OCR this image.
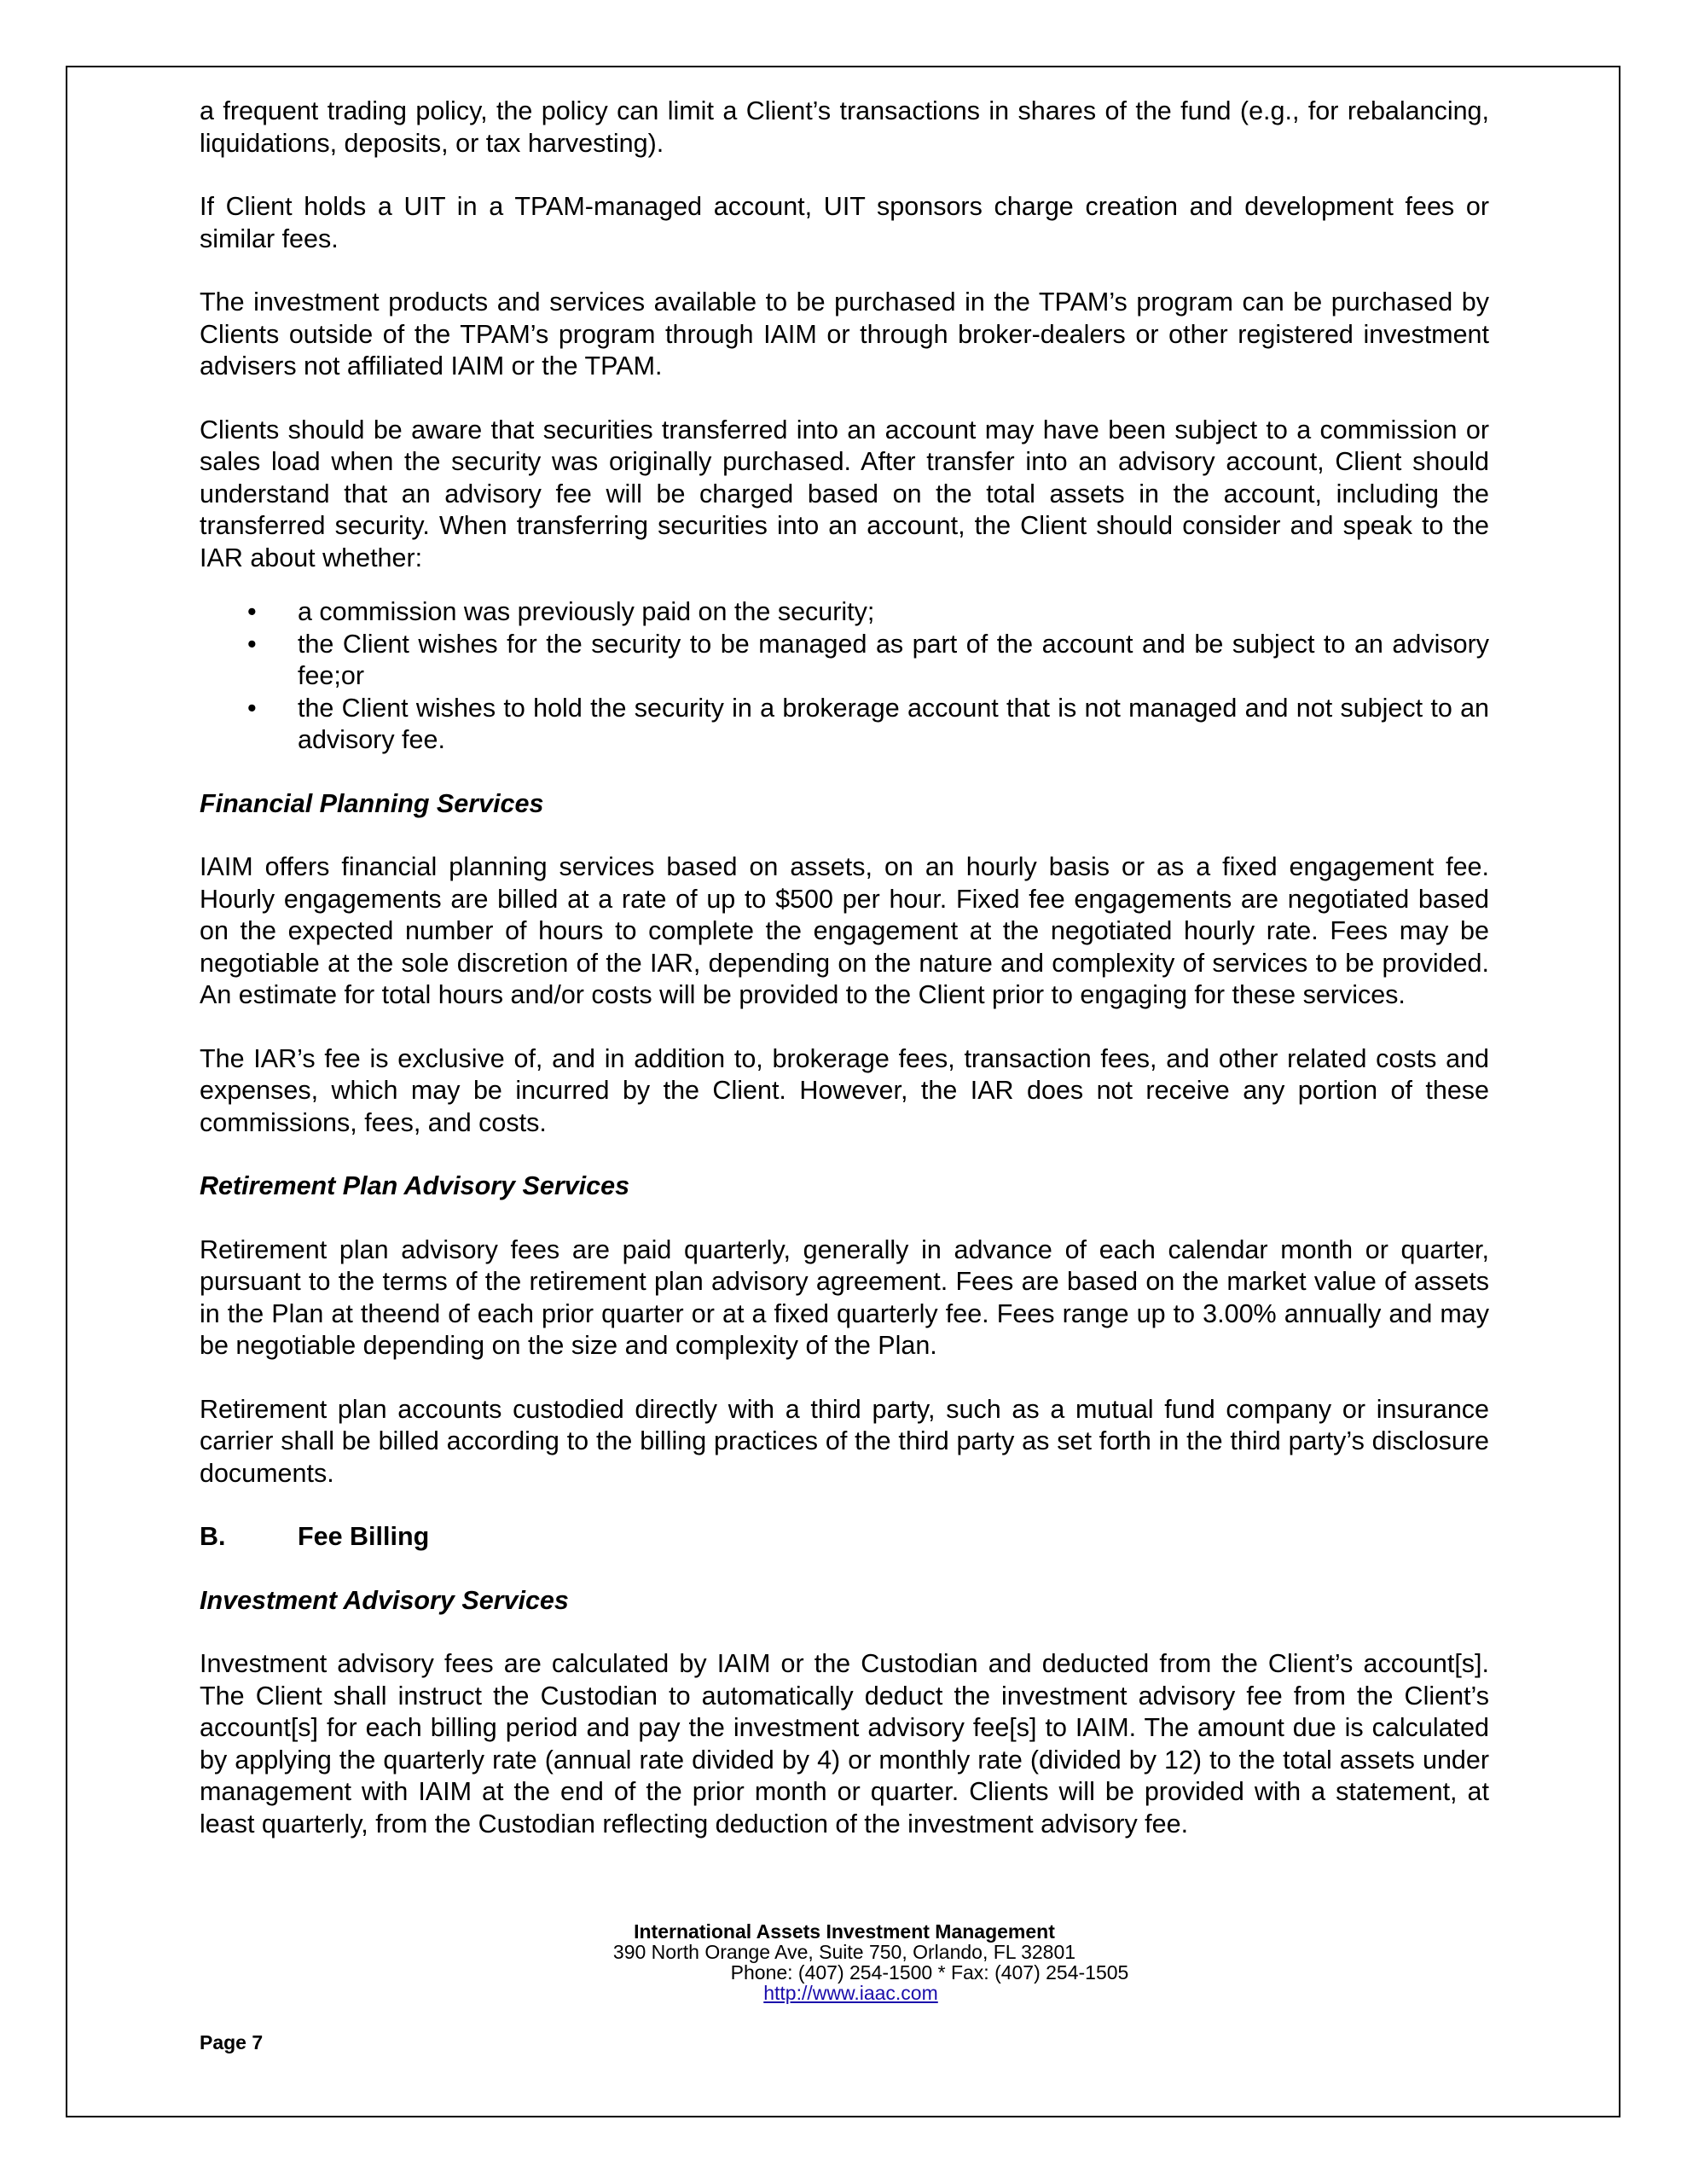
a frequent trading policy, the policy can limit a Client’s transactions in shares of the fund (e.g., for rebalancing, liquidations, deposits, or tax harvesting).

If Client holds a UIT in a TPAM-managed account, UIT sponsors charge creation and development fees or similar fees.

The investment products and services available to be purchased in the TPAM’s program can be purchased by Clients outside of the TPAM’s program through IAIM or through broker-dealers or other registered investment advisers not affiliated IAIM or the TPAM.

Clients should be aware that securities transferred into an account may have been subject to a commission or sales load when the security was originally purchased. After transfer into an advisory account, Client should understand that an advisory fee will be charged based on the total assets in the account, including the transferred security. When transferring securities into an account, the Client should consider and speak to the IAR about whether:

• a commission was previously paid on the security;
• the Client wishes for the security to be managed as part of the account and be subject to an advisory fee;or
• the Client wishes to hold the security in a brokerage account that is not managed and not subject to an advisory fee.
Financial Planning Services

IAIM offers financial planning services based on assets, on an hourly basis or as a fixed engagement fee. Hourly engagements are billed at a rate of up to $500 per hour. Fixed fee engagements are negotiated based on the expected number of hours to complete the engagement at the negotiated hourly rate. Fees may be negotiable at the sole discretion of the IAR, depending on the nature and complexity of services to be provided. An estimate for total hours and/or costs will be provided to the Client prior to engaging for these services.

The IAR’s fee is exclusive of, and in addition to, brokerage fees, transaction fees, and other related costs and expenses, which may be incurred by the Client. However, the IAR does not receive any portion of these commissions, fees, and costs.

Retirement Plan Advisory Services

Retirement plan advisory fees are paid quarterly, generally in advance of each calendar month or quarter, pursuant to the terms of the retirement plan advisory agreement. Fees are based on the market value of assets in the Plan at theend of each prior quarter or at a fixed quarterly fee. Fees range up to 3.00% annually and may be negotiable depending on the size and complexity of the Plan.

Retirement plan accounts custodied directly with a third party, such as a mutual fund company or insurance carrier shall be billed according to the billing practices of the third party as set forth in the third party’s disclosure documents.

B.	Fee Billing
Investment Advisory Services

Investment advisory fees are calculated by IAIM or the Custodian and deducted from the Client’s account[s]. The Client shall instruct the Custodian to automatically deduct the investment advisory fee from the Client’s account[s] for each billing period and pay the investment advisory fee[s] to IAIM. The amount due is calculated by applying the quarterly rate (annual rate divided by 4) or monthly rate (divided by 12) to the total assets under management with IAIM at the end of the prior month or quarter. Clients will be provided with a statement, at least quarterly, from the Custodian reflecting deduction of the investment advisory fee.

International Assets Investment Management
390 North Orange Ave, Suite 750, Orlando, FL 32801
Phone: (407) 254-1500 * Fax: (407) 254-1505
http://www.iaac.com
Page 7
